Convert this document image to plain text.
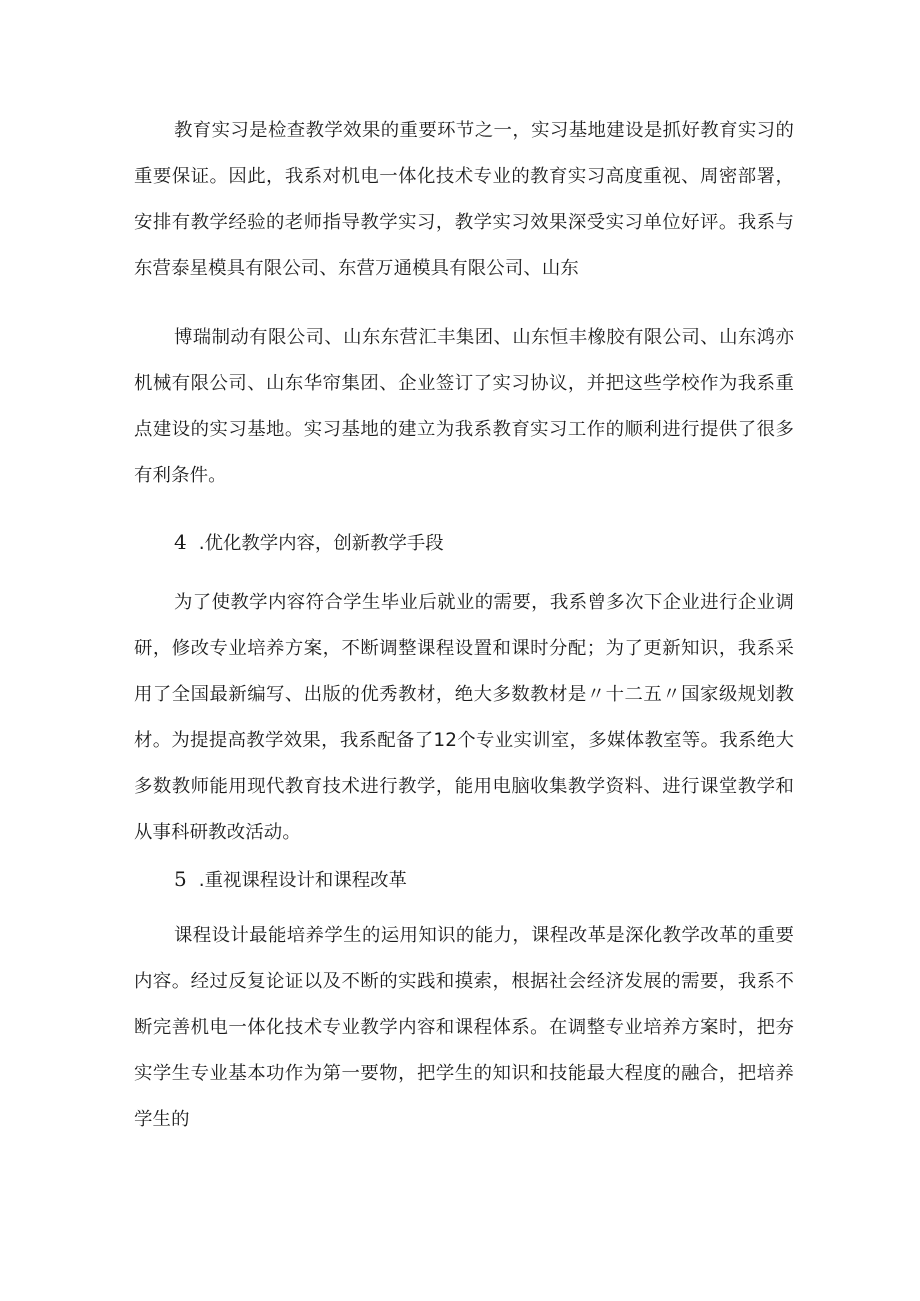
教育实习是检查教学效果的重要环节之一，实习基地建设是抓好教育实习的重要保证。因此，我系对机电一体化技术专业的教育实习高度重视、周密部署，安排有教学经验的老师指导教学实习，教学实习效果深受实习单位好评。我系与东营泰星模具有限公司、东营万通模具有限公司、山东

博瑞制动有限公司、山东东营汇丰集团、山东恒丰橡胶有限公司、山东鸿亦机械有限公司、山东华帘集团、企业签订了实习协议，并把这些学校作为我系重点建设的实习基地。实习基地的建立为我系教育实习工作的顺利进行提供了很多有利条件。

4 .优化教学内容，创新教学手段

为了使教学内容符合学生毕业后就业的需要，我系曾多次下企业进行企业调研，修改专业培养方案，不断调整课程设置和课时分配；为了更新知识，我系采用了全国最新编写、出版的优秀教材，绝大多数教材是〃十二五〃国家级规划教材。为提提高教学效果，我系配备了12个专业实训室，多媒体教室等。我系绝大多数教师能用现代教育技术进行教学，能用电脑收集教学资料、进行课堂教学和从事科研教改活动。

5 .重视课程设计和课程改革

课程设计最能培养学生的运用知识的能力，课程改革是深化教学改革的重要内容。经过反复论证以及不断的实践和摸索，根据社会经济发展的需要，我系不断完善机电一体化技术专业教学内容和课程体系。在调整专业培养方案时，把夯实学生专业基本功作为第一要物，把学生的知识和技能最大程度的融合，把培养学生的
